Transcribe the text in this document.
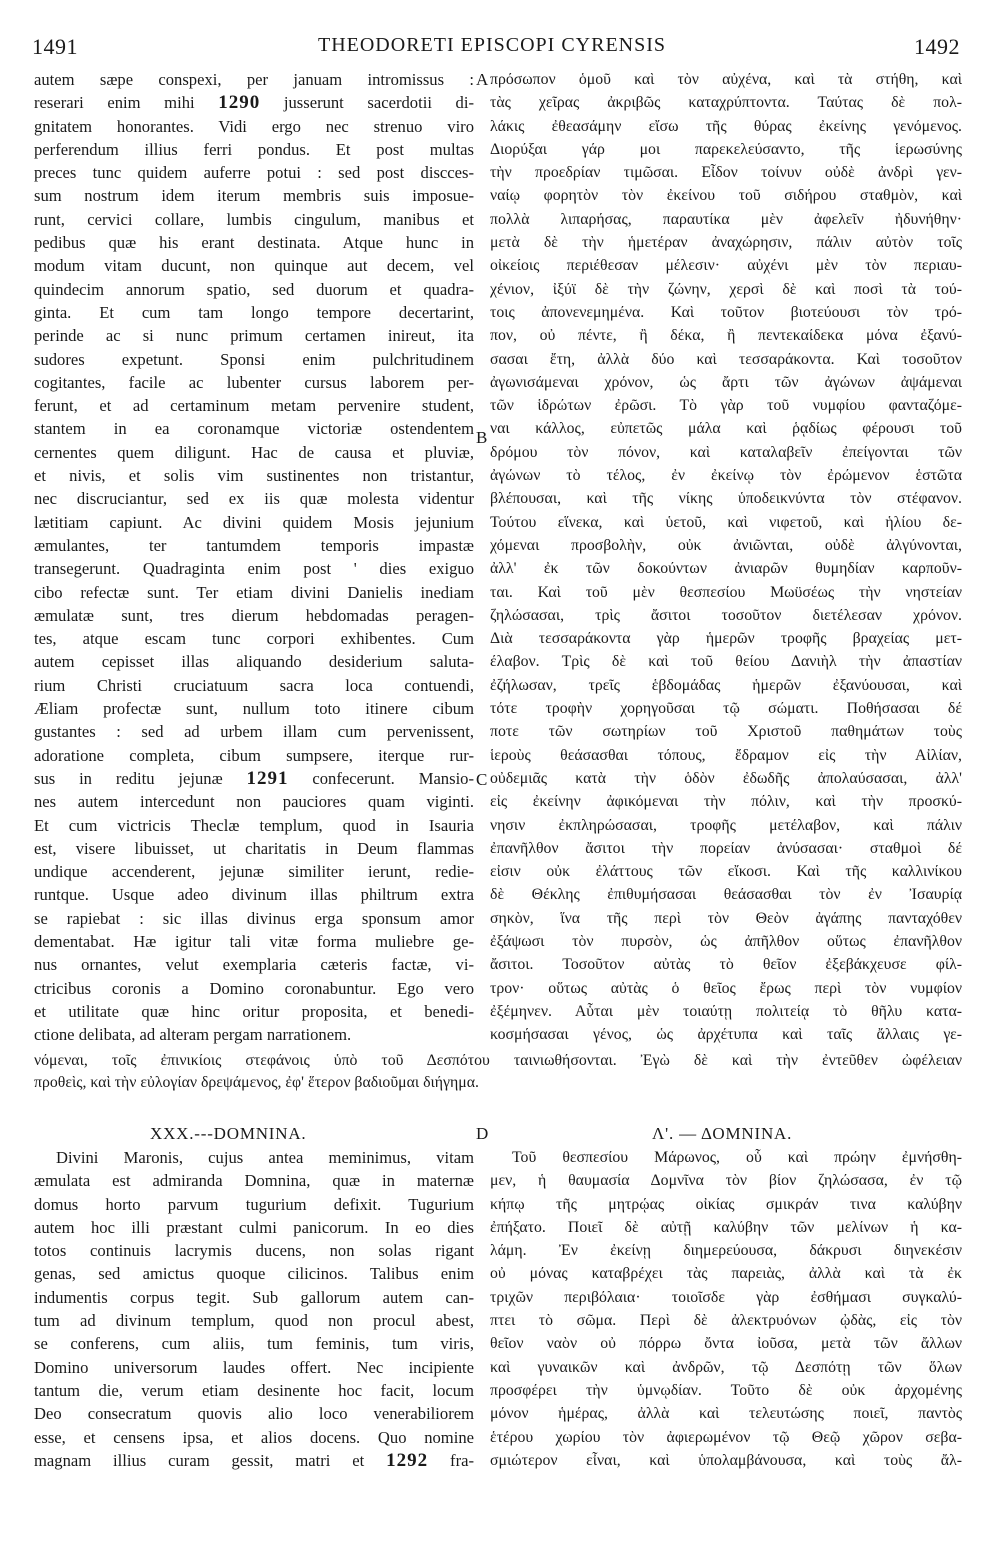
1491	THEODORETI EPISCOPI CYRENSIS	1492
autem sæpe conspexi, per januam intromissus :
reserari enim mihi 1290 jusserunt sacerdotii di-
gnitatem honorantes. Vidi ergo nec strenuo viro
perferendum illius ferri pondus. Et post multas
preces tunc quidem auferre potui : sed post discces-
sum nostrum idem iterum membris suis imposue-
runt, cervici collare, lumbis cingulum, manibus et
pedibus quæ his erant destinata. Atque hunc in
modum vitam ducunt, non quinque aut decem, vel
quindecim annorum spatio, sed duorum et quadra-
ginta. Et cum tam longo tempore decertarint,
perinde ac si nunc primum certamen inireut, ita
sudores expetunt. Sponsi enim pulchritudinem
cogitantes, facile ac lubenter cursus laborem per-
ferunt, et ad certaminum metam pervenire student,
stantem in ea coronamque victoriæ ostendentem
cernentes quem diligunt. Hac de causa et pluviæ,
et nivis, et solis vim sustinentes non tristantur,
nec discruciantur, sed ex iis quæ molesta videntur
lætitiam capiunt. Ac divini quidem Mosis jejunium
æmulantes, ter tantumdem temporis impastæ
transegerunt. Quadraginta enim post ' dies exiguo
cibo refectæ sunt. Ter etiam divini Danielis inediam
æmulatæ sunt, tres dierum hebdomadas peragen-
tes, atque escam tunc corpori exhibentes. Cum
autem cepisset illas aliquando desiderium saluta-
rium Christi cruciatuum sacra loca contuendi,
Æliam profectæ sunt, nullum toto itinere cibum
gustantes : sed ad urbem illam cum pervenissent,
adoratione completa, cibum sumpsere, iterque rur-
sus in reditu jejunæ 1291 confecerunt. Mansio-
nes autem intercedunt non pauciores quam viginti.
Et cum victricis Theclæ templum, quod in Isauria
est, visere libuisset, ut charitatis in Deum flammas
undique accenderent, jejunæ similiter ierunt, redie-
runtque. Usque adeo divinum illas philtrum extra
se rapiebat : sic illas divinus erga sponsum amor
dementabat. Hæ igitur tali vitæ forma muliebre ge-
nus ornantes, velut exemplaria cæteris factæ, vi-
ctricibus coronis a Domino coronabuntur. Ego vero
et utilitate quæ hinc oritur proposita, et benedi-
ctione delibata, ad alteram pergam narrationem.
πρόσωπον ὁμοῦ καὶ τὸν αὐχένα, καὶ τὰ στήθη, καὶ
τὰς χεῖρας ἀκριβῶς καταχρύπτοντα. Ταύτας δὲ πολ-
λάκις ἐθεασάμην εἴσω τῆς θύρας ἐκείνης γενόμενος.
Διορύξαι γάρ μοι παρεκελεύσαντο, τῆς ἱερωσύνης
τὴν προεδρίαν τιμῶσαι. Εἶδον τοίνυν οὐδὲ ἀνδρὶ γεν-
ναίῳ φορητὸν τὸν ἐκείνου τοῦ σιδήρου σταθμὸν, καὶ
πολλὰ λιπαρήσας, παραυτίκα μὲν ἀφελεῖν ἠδυνήθην·
μετὰ δὲ τὴν ἡμετέραν ἀναχώρησιν, πάλιν αὐτὸν τοῖς
οἰκείοις περιέθεσαν μέλεσιν· αὐχένι μὲν τὸν περιαυ-
χένιον, ἰξύϊ δὲ τὴν ζώνην, χερσὶ δὲ καὶ ποσὶ τὰ τού-
τοις ἀπονενεμημένα. Καὶ τοῦτον βιοτεύουσι τὸν τρό-
πον, οὐ πέντε, ἢ δέκα, ἢ πεντεκαίδεκα μόνα ἐξανύ-
σασαι ἔτη, ἀλλὰ δύο καὶ τεσσαράκοντα. Καὶ τοσοῦτον
ἀγωνισάμεναι χρόνον, ὡς ἄρτι τῶν ἀγώνων ἀψάμεναι
τῶν ἱδρώτων ἐρῶσι. Τὸ γὰρ τοῦ νυμφίου φανταζόμε-
ναι κάλλος, εὐπετῶς μάλα καὶ ῥᾳδίως φέρουσι τοῦ
δρόμου τὸν πόνον, καὶ καταλαβεῖν ἐπείγονται τῶν
ἀγώνων τὸ τέλος, ἐν ἐκείνῳ τὸν ἐρώμενον ἑστῶτα
βλέπουσαι, καὶ τῆς νίκης ὑποδεικνύντα τὸν στέφανον.
Τούτου εἵνεκα, καὶ ὑετοῦ, καὶ νιφετοῦ, καὶ ἡλίου δε-
χόμεναι προσβολὴν, οὐκ ἀνιῶνται, οὐδὲ ἀλγύνονται,
ἀλλ' ἐκ τῶν δοκούντων ἀνιαρῶν θυμηδίαν καρποῦν-
ται. Καὶ τοῦ μὲν θεσπεσίου Μωϋσέως τὴν νηστείαν
ζηλώσασαι, τρὶς ἄσιτοι τοσοῦτον διετέλεσαν χρόνον.
Διὰ τεσσαράκοντα γὰρ ἡμερῶν τροφῆς βραχείας μετ-
έλαβον. Τρὶς δὲ καὶ τοῦ θείου Δανιὴλ τὴν ἀπαστίαν
ἐζήλωσαν, τρεῖς ἑβδομάδας ἡμερῶν ἐξανύουσαι, καὶ
τότε τροφὴν χορηγοῦσαι τῷ σώματι. Ποθήσασαι δέ
ποτε τῶν σωτηρίων τοῦ Χριστοῦ παθημάτων τοὺς
ἱεροὺς θεάσασθαι τόπους, ἔδραμον εἰς τὴν Αἰλίαν,
οὐδεμιᾶς κατὰ τὴν ὁδὸν ἐδωδῆς ἀπολαύσασαι, ἀλλ'
εἰς ἐκείνην ἀφικόμεναι τὴν πόλιν, καὶ τὴν προσκύ-
νησιν ἐκπληρώσασαι, τροφῆς μετέλαβον, καὶ πάλιν
ἐπανῆλθον ἄσιτοι τὴν πορείαν ἀνύσασαι· σταθμοὶ δέ
εἰσιν οὐκ ἐλάττους τῶν εἴκοσι. Καὶ τῆς καλλινίκου
δὲ Θέκλης ἐπιθυμήσασαι θεάσασθαι τὸν ἐν Ἰσαυρίᾳ
σηκὸν, ἵνα τῆς περὶ τὸν Θεὸν ἀγάπης πανταχόθεν
ἐξάψωσι τὸν πυρσὸν, ὡς ἀπῆλθον οὕτως ἐπανῆλθον
ἄσιτοι. Τοσοῦτον αὐτὰς τὸ θεῖον ἐξεβάκχευσε φίλ-
τρον· οὕτως αὐτὰς ὁ θεῖος ἔρως περὶ τὸν νυμφίον
ἐξέμηνεν. Αὗται μὲν τοιαύτῃ πολιτείᾳ τὸ θῆλυ κατα-
κοσμήσασαι γένος, ὡς ἀρχέτυπα καὶ ταῖς ἄλλαις γε-
A
B
C
D
νόμεναι, τοῖς ἐπινικίοις στεφάνοις ὑπὸ τοῦ Δεσπότου ταινιωθήσονται. Ἐγὼ δὲ καὶ τὴν ἐντεῦθεν ὠφέλειαν
προθεὶς, καὶ τὴν εὐλογίαν δρεψάμενος, ἐφ' ἕτερον βαδιοῦμαι διήγημα.
XXX.---DOMNINA.	Λ'. — ΔΟΜΝΙΝΑ.
Divini Maronis, cujus antea meminimus, vitam
æmulata est admiranda Domnina, quæ in maternæ
domus horto parvum tugurium defixit. Tugurium
autem hoc illi præstant culmi panicorum. In eo dies
totos continuis lacrymis ducens, non solas rigant
genas, sed amictus quoque cilicinos. Talibus enim
indumentis corpus tegit. Sub gallorum autem can-
tum ad divinum templum, quod non procul abest,
se conferens, cum aliis, tum feminis, tum viris,
Domino universorum laudes offert. Nec incipiente
tantum die, verum etiam desinente hoc facit, locum
Deo consecratum quovis alio loco venerabiliorem
esse, et censens ipsa, et alios docens. Quo nomine
magnam illius curam gessit, matri et 1292 fra-
Τοῦ θεσπεσίου Μάρωνος, οὗ καὶ πρώην ἐμνήσθη-
μεν, ἡ θαυμασία Δομνῖνα τὸν βίον ζηλώσασα, ἐν τῷ
κήπῳ τῆς μητρῴας οἰκίας σμικράν τινα καλύβην
ἐπήξατο. Ποιεῖ δὲ αὐτῇ καλύβην τῶν μελίνων ἡ κα-
λάμη. Ἐν ἐκείνῃ διημερεύουσα, δάκρυσι διηνεκέσιν
οὐ μόνας καταβρέχει τὰς παρειὰς, ἀλλὰ καὶ τὰ ἐκ
τριχῶν περιβόλαια· τοιοῖσδε γὰρ ἐσθήμασι συγκαλύ-
πτει τὸ σῶμα. Περὶ δὲ ἀλεκτρυόνων ᾠδὰς, εἰς τὸν
θεῖον ναὸν οὐ πόρρω ὄντα ἰοῦσα, μετὰ τῶν ἄλλων
καὶ γυναικῶν καὶ ἀνδρῶν, τῷ Δεσπότῃ τῶν ὅλων
προσφέρει τὴν ὑμνῳδίαν. Τοῦτο δὲ οὐκ ἀρχομένης
μόνον ἡμέρας, ἀλλὰ καὶ τελευτώσης ποιεῖ, παντὸς
ἑτέρου χωρίου τὸν ἀφιερωμένον τῷ Θεῷ χῶρον σεβα-
σμιώτερον εἶναι, καὶ ὑπολαμβάνουσα, καὶ τοὺς ἄλ-
